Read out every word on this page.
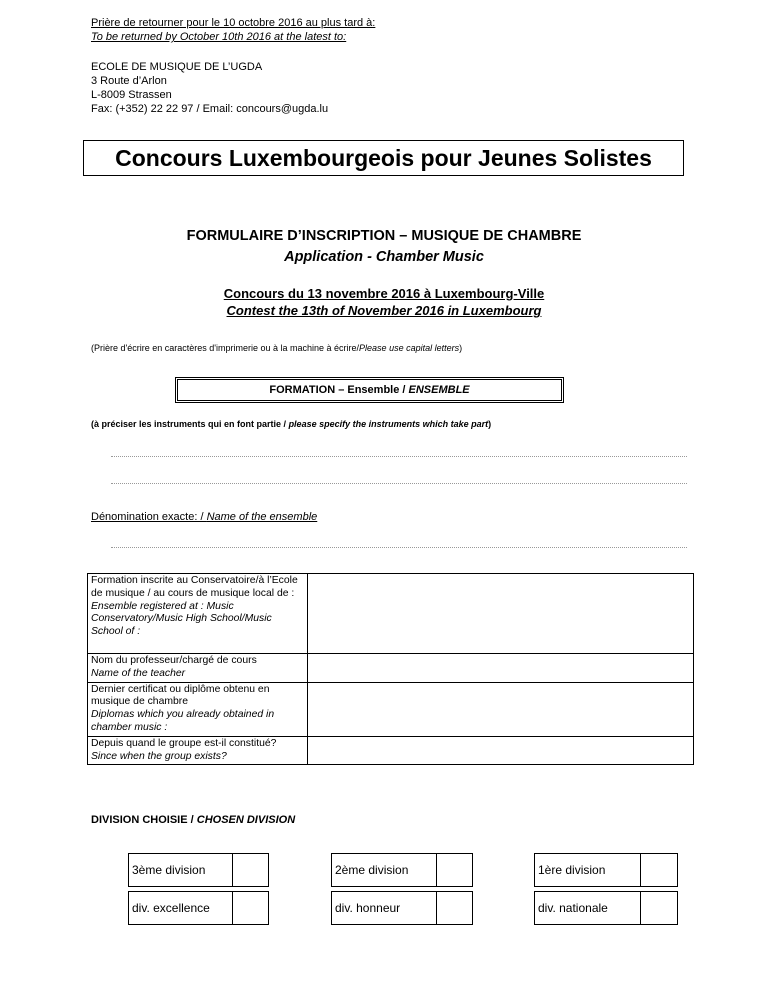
Prière de retourner pour le 10 octobre 2016 au plus tard à:
To be returned by October 10th 2016 at the latest to:
ECOLE DE MUSIQUE DE L’UGDA
3 Route d’Arlon
L-8009 Strassen
Fax: (+352) 22 22 97 / Email: concours@ugda.lu
Concours Luxembourgeois pour Jeunes Solistes
FORMULAIRE D’INSCRIPTION – MUSIQUE DE CHAMBRE
Application - Chamber Music
Concours du 13 novembre 2016 à Luxembourg-Ville
Contest the 13th of November 2016 in Luxembourg
(Prière d'écrire en caractères d'imprimerie ou à la machine à écrire/Please use capital letters)
FORMATION – Ensemble / ENSEMBLE
(à préciser les instruments qui en font partie / please specify the instruments which take part)
Dénomination exacte: / Name of the ensemble
Formation inscrite au Conservatoire/à l’Ecole de musique / au cours de musique local de :
Ensemble registered at : Music Conservatory/Music High School/Music School of :	

Nom du professeur/chargé de cours
Name of the teacher	

Dernier certificat ou diplôme obtenu en musique de chambre
Diplomas which you already obtained in chamber music :	

Depuis quand le groupe est-il constitué?
Since when the group exists?	

DIVISION CHOISIE / CHOSEN DIVISION
3ème division	2ème division	1ère division
div. excellence	div. honneur	div. nationale
